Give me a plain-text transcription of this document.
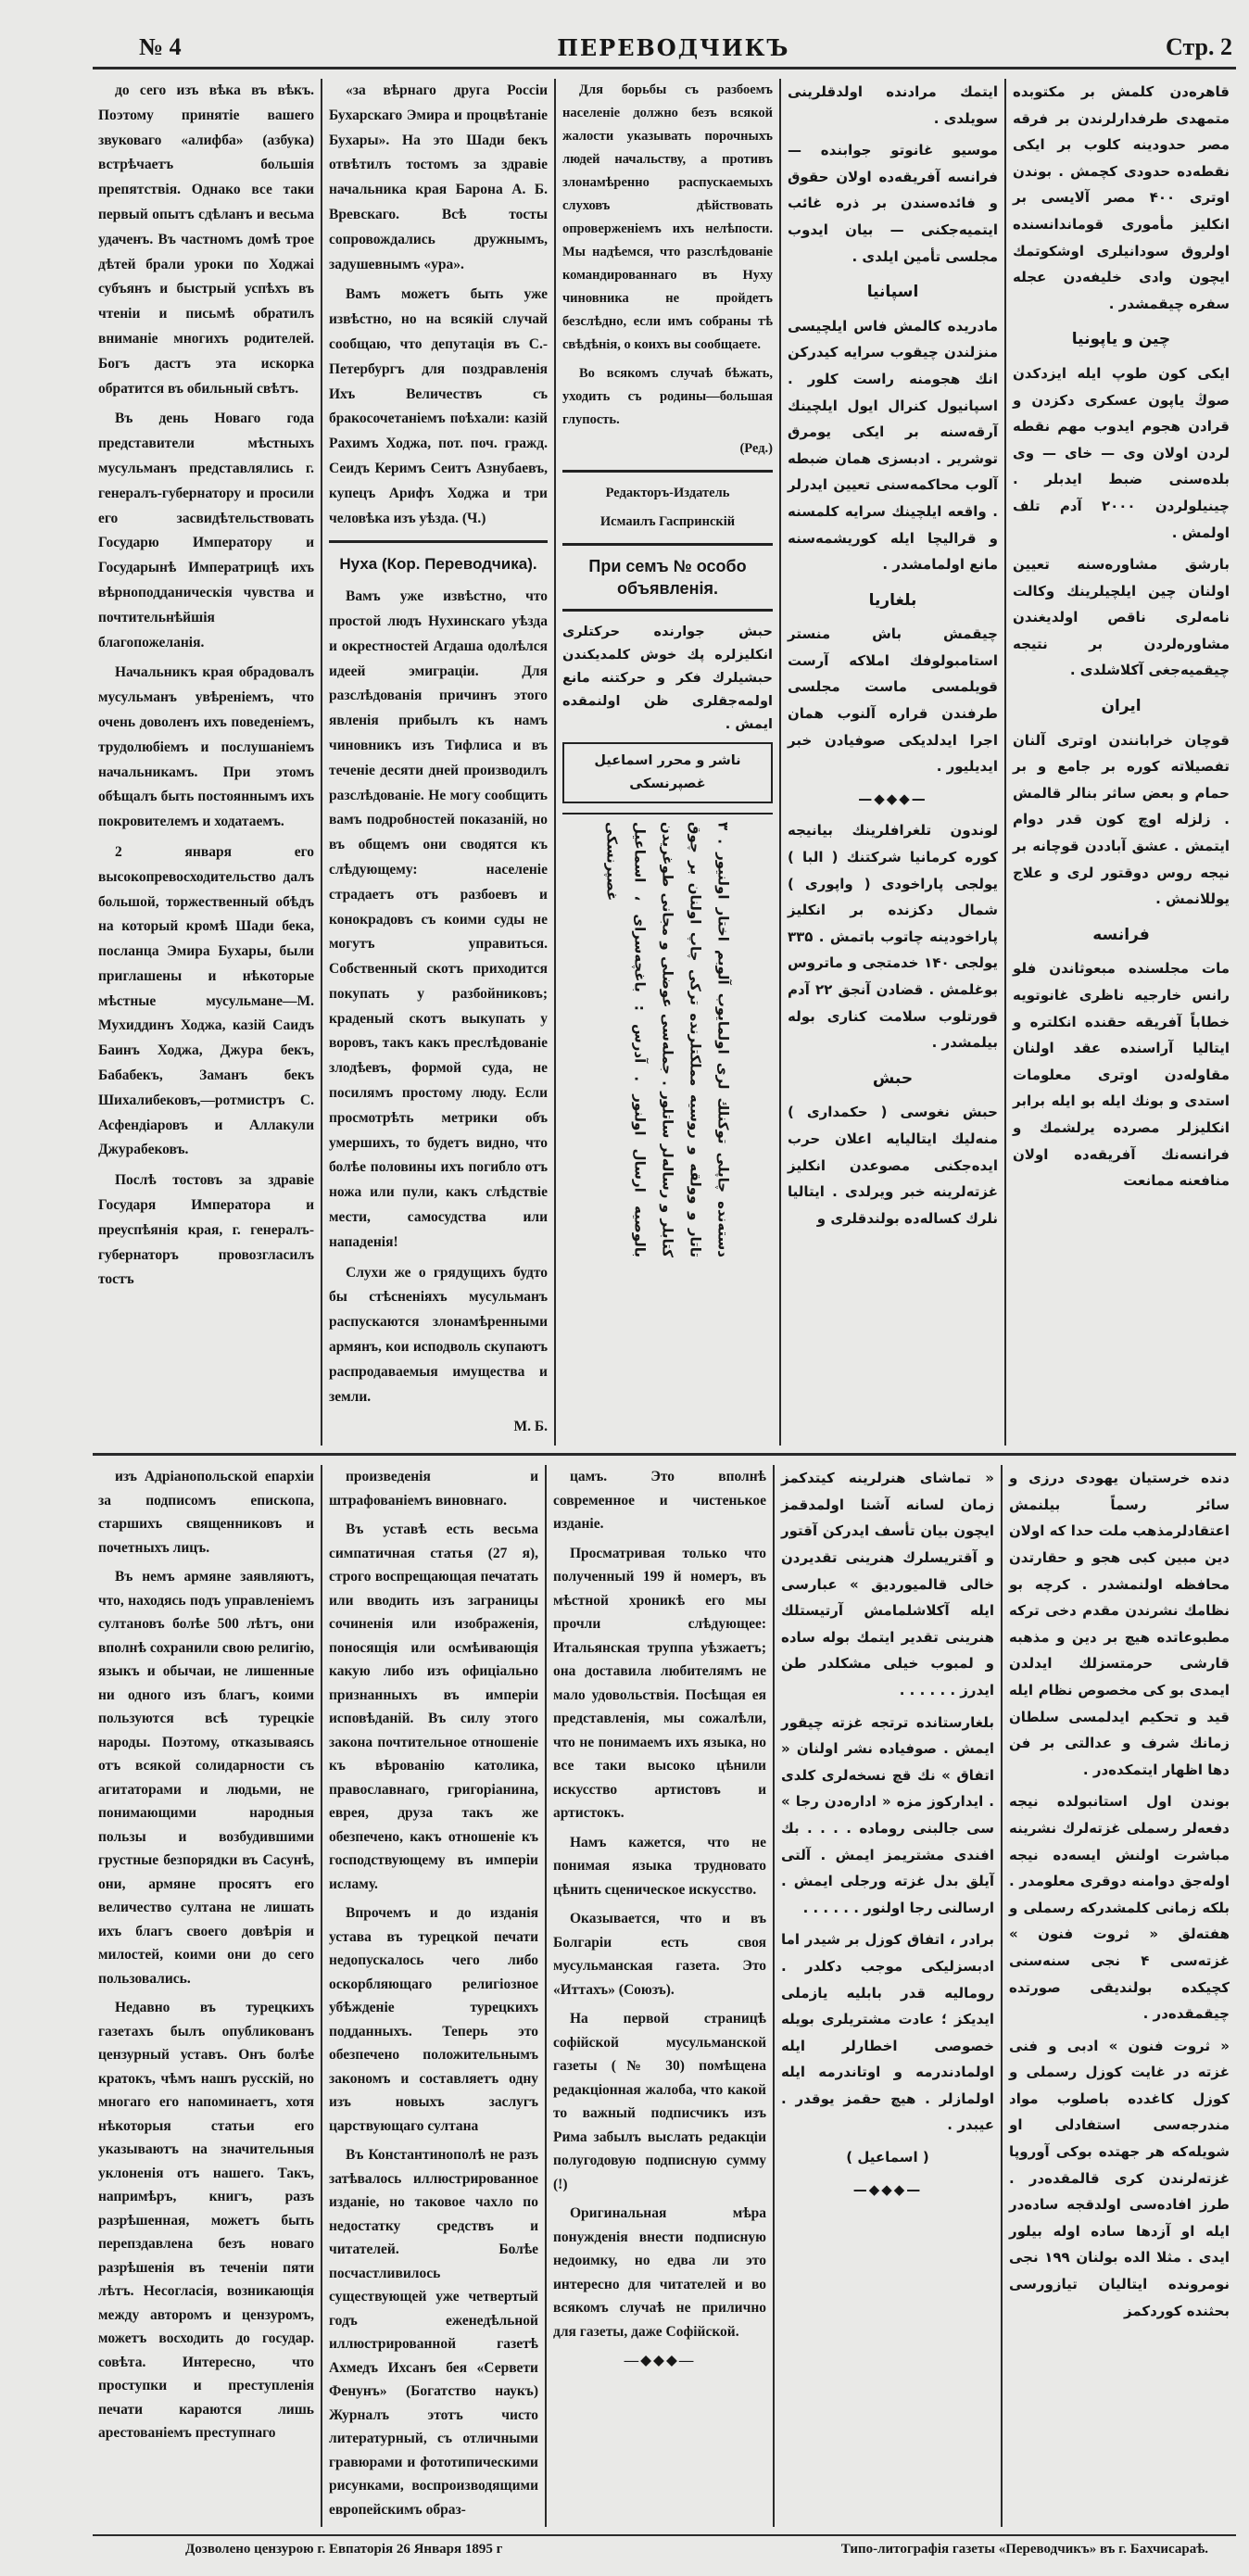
№ 4	ПЕРЕВОДЧИКЪ	Стр. 2

до сего изъ вѣка въ вѣкъ. Поэтому принятіе вашего звуковаго «алифба» (азбука) встрѣчаетъ большія препятствія. Однако все таки первый опытъ сдѣланъ и весьма удаченъ. Въ частномъ домѣ трое дѣтей брали уроки по Ходжаі субъянъ и быстрый успѣхъ въ чтеніи и письмѣ обратилъ вниманіе многихъ родителей. Богъ дастъ эта искорка обратится въ обильный свѣтъ.

Въ день Новаго года представители мѣстныхъ мусульманъ представлялись г. генералъ-губернатору и просили его засвидѣтельствовать Государю Императору и Государынѣ Императрицѣ ихъ вѣрноподданическія чувства и почтительнѣйшія благопожеланія.

Начальникъ края обрадовалъ мусульманъ увѣреніемъ, что очень доволенъ ихъ поведеніемъ, трудолюбіемъ и послушаніемъ начальникамъ. При этомъ обѣщалъ быть постояннымъ ихъ покровителемъ и ходатаемъ.

2 января его высокопревосходительство далъ большой, торжественный обѣдъ на который кромѣ Шади бека, посланца Эмира Бухары, были приглашены и нѣкоторые мѣстные мусульмане—М. Мухиддинъ Ходжа, казій Саидъ Баинъ Ходжа, Джура бекъ, Бабабекъ, Заманъ бекъ Шихалибековъ,—ротмистръ С. Асфендіаровъ и Аллакули Джурабековъ.

Послѣ тостовъ за здравіе Государя Императора и преуспѣянія края, г. генералъ-губернаторъ провозгласилъ тостъ

«за вѣрнаго друга Россіи Бухарскаго Эмира и процвѣтаніе Бухары». На это Шади бекъ отвѣтилъ тостомъ за здравіе начальника края Барона А. Б. Вревскаго. Всѣ тосты сопровождались дружнымъ, задушевнымъ «ура».

Вамъ можетъ быть уже извѣстно, но на всякій случай сообщаю, что депутація въ С.-Петербургъ для поздравленія Ихъ Величествъ съ бракосочетаніемъ поѣхали: казій Рахимъ Ходжа, пот. поч. гражд. Сеидъ Керимъ Сеитъ Азнубаевъ, купецъ Арифъ Ходжа и три человѣка изъ уѣзда. (Ч.)

Нуха (Кор. Переводчика).

Вамъ уже извѣстно, что простой людъ Нухинскаго уѣзда и окрестностей Агдаша одолѣлся идеей эмиграціи. Для разслѣдованія причинъ этого явленія прибылъ къ намъ чиновникъ изъ Тифлиса и въ теченіе десяти дней производилъ разслѣдованіе. Не могу сообщить вамъ подробностей показаній, но въ общемъ они сводятся къ слѣдующему: населеніе страдаетъ отъ разбоевъ и конокрадовъ съ коими суды не могутъ управиться. Собственный скотъ приходится покупать у разбойниковъ; краденый скотъ выкупать у воровъ, такъ какъ преслѣдованіе злодѣевъ, формой суда, не посилямъ простому люду. Если просмотрѣть метрики объ умершихъ, то будетъ видно, что болѣе половины ихъ погибло отъ ножа или пули, какъ слѣдствіе мести, самосудства или нападенія!

Слухи же о грядущихъ будто бы стѣсненіяхъ мусульманъ распускаются злонамѣренными армянъ, кои исподволь скупаютъ распродаваемыя имущества и земли.

М. Б.

Для борьбы съ разбоемъ населеніе должно безъ всякой жалости указывать порочныхъ людей начальству, а противъ злонамѣренно распускаемыхъ слуховъ дѣйствовать опроверженіемъ ихъ нелѣпости. Мы надѣемся, что разслѣдованіе командированнаго въ Нуху чиновника не пройдетъ безслѣдно, если имъ собраны тѣ свѣдѣнія, о коихъ вы сообщаете.

Во всякомъ случаѣ бѣжать, уходить съ родины—большая глупость.

(Ред.)

Редакторъ-Издатель

Исмаилъ Гаспринскій

При семъ № особо объявленія.

حبش جوارنده حركتلرى انكليزلره پك خوش كلمديكندن حبشيلرك فكر و حركتنه مانع اولمه‌جقلرى ظن اولنمقده ايمش .

ناشر و محرر اسماعيل غصپرنسكى

۳ دسته‌نده چاپلى توكنلك لرى اولمايوب آلوبم اختار اولنيور . تاتار و وولقه و روسيه مملكتلرنده تركى چاپ اولنان بر چوق كتابلر و رساله‌لر ساتلور . جمله‌سى عوضلى و مجانى طوغريدن بالوصيه ارسال اولنور . آدرس : باغچه‌سراى ، اسماعيل غصپرنسكى

ايتمك مرادنده اولدقلرينى سويلدى .

موسيو غانوتو جوابنده — فرانسه آفريقه‌ده اولان حقوق و فائده‌سندن بر ذره غائب ايتميه‌جكنى — بيان ايدوب مجلسى تأمين ايلدى .

اسپانيا

مادريده كالمش فاس ايلچيسى منزلندن چيقوب سرايه كيدركن انك هجومنه راست كلور . اسپانيول كنرال ايول ايلچينك آرقه‌سنه بر ايكى يومرق توشرير . ادبسزى همان ضبطه آلوب محاكمه‌سنى تعيين ايدرلر . واقعه ايلچينك سرايه كلمسنه و قراليچا ايله كوريشمه‌سنه مانع اولمامشدر .

بلغاريا

چيقمش باش منستر استامبولوفك املاكه آرست قويلمسى ماست مجلسى طرفندن قراره آلنوب همان اجرا ايدلديكى صوفيادن خبر ايديليور .

—◆◆◆—

لوندون تلغرافلرينك بيانيجه كوره كرمانيا شركتنك ( البا ) يولجى پاراخودى ( واپورى ) شمال دكزنده بر انكليز پاراخودينه چاتوب باتمش . ۳۳۵ يولجى ۱۴۰ خدمتجى و ماتروس بوغلمش . قضادن آنجق ۲۲ آدم قورتلوب سلامت كنارى بوله بيلمشدر .

حبش

حبش نغوسى ( حكمدارى ) منه‌ليك ايتاليايه اعلان حرب ايده‌جكنى مصوعدن انكليز غزته‌لرينه خبر ويرلدى . ايتاليا نلرك كساله‌ده بولندقلرى و

قاهره‌دن كلمش بر مكتوبده متمهدى طرفدارلرندن بر فرقه مصر حدودينه كلوب بر ايكى نقطه‌ده حدودى كچمش . بوندن اوترى ۴۰۰ مصر آلايسى بر انكليز مأمورى قوماندانسنده اولروق سودانيلرى اوشكوتمك ايچون وادى خليفه‌دن عجله سفره چيقمشدر .

چين و ياپونيا

ايكى كون طوپ ايله ايزدكدن صوڭ ياپون عسكرى دكزدن و قرادن هجوم ايدوب مهم نقطه لردن اولان وى — خاى — وى بلده‌سنى ضبط ايدبلر . چينيلولردن ۲۰۰۰ آدم تلف اولمش .

بارشق مشاوره‌سنه تعيين اولنان چين ايلچيلرينك وكالت نامه‌لرى ناقص اولديغندن مشاوره‌لردن بر نتيجه چيقميه‌جغى آكلاشلدى .

ايران

قوچان خرابانندن اوترى آلنان تفصيلاته كوره بر جامع و بر حمام و بعض ساثر بنالر قالمش . زلزله اوچ كون قدر دوام ايتمش . عشق آباددن قوچانه بر نيجه روس دوقتور لرى و علاج يوللانمش .

فرانسه

مات مجلسنده مبعوثاندن فلو رانس خارجيه ناظرى غانوتويه خطاباً آفريقه حقنده انكلتره و ايتاليا آراسنده عقد اولنان مقاوله‌دن اوترى معلومات استدى و بونك ايله بو ايله برابر انكليزلر مصرده يرلشمك و فرانسه‌نك آفريقه‌ده اولان منافعنه ممانعت

изъ Адріанопольской епархіи за подписомъ епископа, старшихъ священниковъ и почетныхъ лицъ.

Въ немъ армяне заявляютъ, что, находясь подъ управленіемъ султановъ болѣе 500 лѣтъ, они вполнѣ сохранили свою религію, языкъ и обычаи, не лишенные ни одного изъ благъ, коими пользуются всѣ турецкіе народы. Поэтому, отказываясь отъ всякой солидарности съ агитаторами и людьми, не понимающими народныя пользы и возбудившими грустные безпорядки въ Сасунѣ, они, армяне просятъ его величество султана не лишать ихъ благъ своего довѣрія и милостей, коими они до сего пользовались.

Недавно въ турецкихъ газетахъ былъ опубликованъ цензурный уставъ. Онъ болѣе кратокъ, чѣмъ нашъ русскій, но многаго его напоминаетъ, хотя нѣкоторыя статьи его указываютъ на значительныя уклоненія отъ нашего. Такъ, напримѣръ, книгъ, разъ разрѣшенная, можетъ быть перепздавлена безъ новаго разрѣшенія въ теченіи пяти лѣтъ. Несогласія, возникающія между авторомъ и цензуромъ, можетъ восходить до государ. совѣта. Интересно, что проступки и преступленія печати караются лишь арестованіемъ преступнаго

произведенія и штрафованіемъ виновнаго.

Въ уставѣ есть весьма симпатичная статья (27 я), строго воспрещающая печатать или вводить изъ заграницы сочиненія или изображенія, поносящія или осмѣивающія какую либо изъ офиціально признанныхъ въ имперіи исповѣданій. Въ силу этого закона почтительное отношеніе къ вѣрованію католика, православнаго, григоріанина, еврея, друза такъ же обезпечено, какъ отношеніе къ господствующему въ имперіи исламу.

Впрочемъ и до изданія устава въ турецкой печати недопускалось чего либо оскорбляющаго религіозное убѣжденіе турецкихъ подданныхъ. Теперь это обезпечено положительнымъ закономъ и составляетъ одну изъ новыхъ заслугъ царствующаго султана

Въ Константинополѣ не разъ затѣвалось иллюстрированное изданіе, но таковое чахло по недостатку средствъ и читателей. Болѣе посчастливилось существующей уже четвертый годъ еженедѣльной иллюстрированной газетѣ Ахмедъ Ихсанъ бея «Сервети Фенунъ» (Богатство наукъ) Журналъ этотъ чисто литературный, съ отличными гравюрами и фототипическими рисунками, воспроизводящими европейскимъ образ-

цамъ. Это вполнѣ современное и чистенькое изданіе.

Просматривая только что полученный 199 й номеръ, въ мѣстной хроникѣ его мы прочли слѣдующее: Итальянская труппа уѣзжаетъ; она доставила любителямъ не мало удовольствія. Посѣщая ея представленія, мы сожалѣли, что не понимаемъ ихъ языка, но все таки высоко цѣнили искусство артистовъ и артистокъ.

Намъ кажется, что не понимая языка трудновато цѣнить сценическое искусство.

Оказывается, что и въ Болгаріи есть своя мусульманская газета. Это «Иттахъ» (Союзъ).

На первой страницѣ софійской мусульманской газеты (№ 30) помѣщена редакціонная жалоба, что какой то важный подписчикъ изъ Рима забылъ выслать редакціи полугодовую подписную сумму (!)

Оригинальная мѣра понужденія внести подписную недоимку, но едва ли это интересно для читателей и во всякомъ случаѣ не прилично для газеты, даже Софійской.

—◆◆◆—

« تماشاى هنرلرينه كيتدكمز زمان لسانه آشنا اولمدقمز ايچون بيان تأسف ايدركن آقتور و آقتريسلرك هنرينى تقديردن خالى قالميورديق » عبارسى ايله آكلاشلمامش آرتيستلك هنرينى تقدير ايتمك بوله ساده و لمبوب خيلى مشكلدر طن ايدرز . . . . . .

بلغارستانده ترتجه غزته چيقور ايمش . صوفياده نشر اولنان « اتفاق » نك قچ نسخه‌لرى كلدى . ايداركوز مزه « اداره‌دن رجا » سى جالبنى روماده . . . . بك افندى مشتريمز ايمش . آلتى آيلق بدل غزته ورجلى ايمش . ارسالنى رجا اولنور . . . . . .

برادر ، اتفاق كوزل بر شيدر اما ادبسزليكى موجب دكلدر . روماليه قدر بابليه يازملى ايديكز ؛ عادت مشتريلرى بويله خصوصى اخطارلر ايله اولمادندرمه و اوتاندرمه ايله اولمازلر . هيچ حقمز يوقدر . عيبدر .

( اسماعيل )

—◆◆◆—

دنده خرستيان يهودى درزى و سائر رسماً بيلنمش اعتقادلرمذهب ملت حدا كه اولان دين مبين كبى هجو و حقارتدن محافظه اولنمشدر . كرچه بو نظامك نشرندن مقدم دخى تركه مطبوعاتده هيچ بر دين و مذهبه قارشى حرمتسزلك ايدلدن ايمدى بو كى مخصوص نظام ايله قيد و تحكيم ايدلمسى سلطان زمانك شرف و عدالتى بر فن دها اظهار ايتمكده‌در .

بوندن اول استانبولده نيجه دفعه‌لر رسملى غزته‌لرك نشرينه مباشرت اولنش ايسه‌ده نيجه اوله‌جق دوامنه دوقرى معلومدر . بلكه زمانى كلمشدركه رسملى و هفته‌لق « ثروت فنون » غزته‌سى ۴ نجى سنه‌سنى كچيكده بولنديقى صورتده چيقمقده‌در .

« ثروت فنون » ادبى و فنى غزته در غايت كوزل رسملى و كوزل كاغدده باصلوب مواد مندرجه‌سى استفادلى او شويله‌كه هر جهتده بوكى آوروپا غزته‌لرندن كرى قالمقده‌در . طرز افاده‌سى اولدقجه ساده‌در ايله او آزدها ساده اوله بيلور ايدى . مثلا الده بولنان ۱۹۹ نجى نومرونده ايتاليان تيازورسى بحثنده كوردكمز

Дозволено цензурою г. Евпаторія 26 Января 1895 г	Типо-литографія газеты «Переводчикъ» въ г. Бахчисараѣ.
